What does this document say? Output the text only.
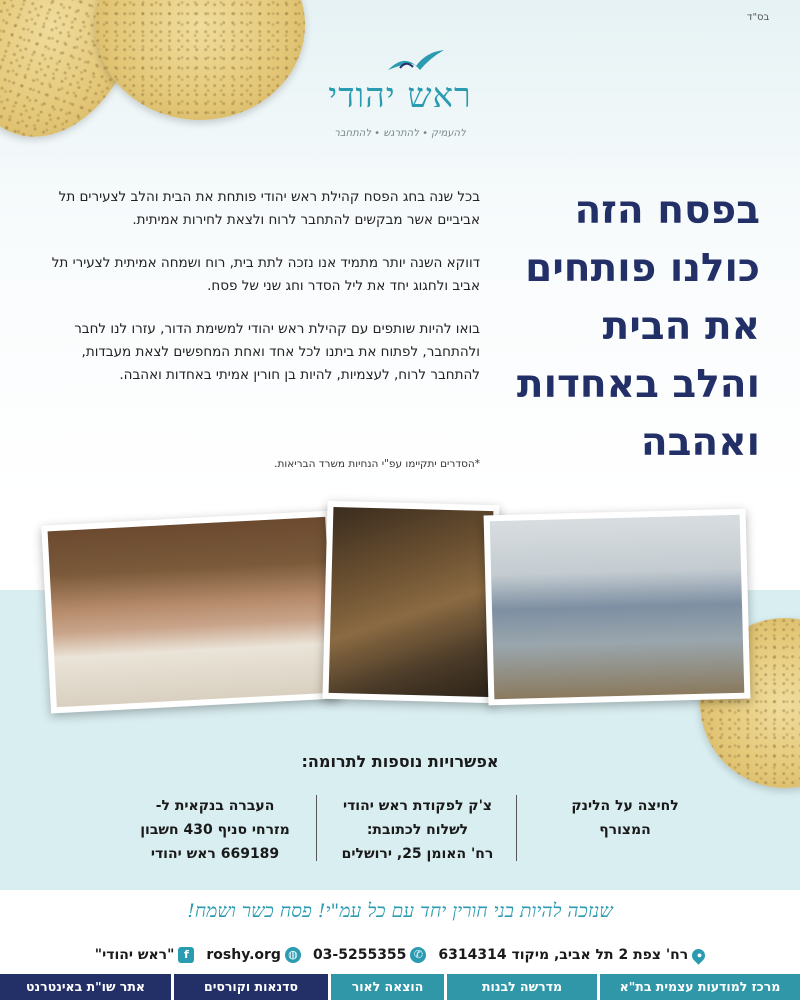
בס"ד
ראש יהודי
להעמיק • להתרגש • להתחבר
בפסח הזה
כולנו פותחים
את הבית
והלב באחדות
ואהבה

בכל שנה בחג הפסח קהילת ראש יהודי פותחת את הבית והלב לצעירים תל אביביים אשר מבקשים להתחבר לרוח ולצאת לחירות אמיתית.

דווקא השנה יותר מתמיד אנו נזכה לתת בית, רוח ושמחה אמיתית לצעירי תל אביב ולחגוג יחד את ליל הסדר וחג שני של פסח.

בואו להיות שותפים עם קהילת ראש יהודי למשימת הדור, עזרו לנו לחבר ולהתחבר, לפתוח את ביתנו לכל אחד ואחת המחפשים לצאת מעבדות, להתחבר לרוח, לעצמיות, להיות בן חורין אמיתי באחדות ואהבה.

*הסדרים יתקיימו עפ"י הנחיות משרד הבריאות.
אפשרויות נוספות לתרומה:
לחיצה על הלינק
המצורף
צ'ק לפקודת ראש יהודי
לשלוח לכתובת:
רח' האומן 25, ירושלים
העברה בנקאית ל-
מזרחי סניף 430 חשבון
669189 ראש יהודי
שנזכה להיות בני חורין יחד עם כל עמ"י! פסח כשר ושמח!
•
רח' צפת 2 תל אביב, מיקוד 6314314
✆
03-5255355
◍
roshy.org
f
"ראש יהודי"
מרכז למודעות עצמית בת"א
מדרשה לבנות
הוצאה לאור
סדנאות וקורסים
אתר שו"ת באינטרנט
